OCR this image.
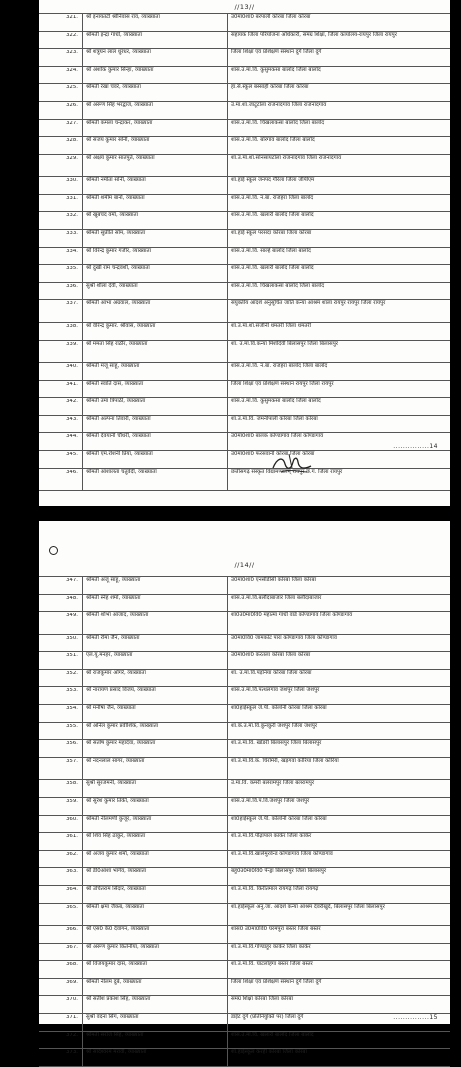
//13//
321.	श्री इनायतटी श्रीनिवास राव, व्याख्याता	उ0मा0शा0 बरपाली कोरबा जिला कोरबा
322.	श्रीमती इन्द्रा गांधी, व्याख्याता	सहायक जिला परियोजना अधिकारी, समग्र शिक्षा, जिला कार्यालय-रायपुर जिला रायपुर
323.	श्री शत्रुघन लाल धुरंधर, व्याख्याता	जिला शिक्षा एवं प्रशिक्षण संस्थान दुर्ग जिला दुर्ग
324.	श्री अशोक कुमार सिन्हा, व्याख्याता	शास.उ.मा.वि. कुसुमकसा बालोद जिला बालोद
325.	श्रीमती रेखा चंवरे, व्याख्याता	हा.से.स्कूल बस्सांही कोरबा जिला कोरबा
326.	श्री अरूण सिंह भरद्वाज, व्याख्याता	उ.मा.शा.जाटूटोला राजनांदगांव जिला राजनांदगांव
327.	श्रीमती कमला चन्द्राकर, व्याख्याता	शास.उ.मा.वि. चिखलाकसा बालोद जिला बालोद
328.	श्री संजय कुमार सोनी, व्याख्याता	शास.उ.मा.वि. बोरगांव बालोद जिला बालोद
329.	श्री अक्षय कुमार सातपुते, व्याख्याता	शा.उ.मा.शा.सोनसायटोला राजनांदगांव जिला राजनांदगांव
330.	श्रीमती नमीता सोनी, व्याख्याता	शा.हाई स्कूल जनपद गौरेला जिला जीपीएम
331.	श्रीमती शमीम बानो, व्याख्याता	शास.उ.मा.वि. न.बा. राजहरा जिला बालोद
332.	श्री खुबचंद वर्मा, व्याख्याता	शास.उ.मा.वि. खलारी बालोद जिला बालोद
333.	श्रीमती सुप्रीति सोम, व्याख्याता	शा.हाई स्कूल परसदा कोरबा जिला कोरबा
334.	श्री विरेन्द्र कुमार गंजीर, व्याख्याता	शास.उ.मा.वि. साल्हे बालोद जिला बालोद
335.	श्री दुखी राम चन्द्रवंशी, व्याख्याता	शास.उ.मा.वि. खलारी बालोद जिला बालोद
336.	सुश्री शीला देवी, व्याख्याता	शास.उ.मा.वि. चिखलाकसा बालोद जिला बालोद
337.	श्रीमती आभा अग्रवाल, व्याख्याता	संयुक्तीय आदर्श अनुसूचित जाति कन्या आश्रम शाला रायपुर रायपुर जिला रायपुर
338.	श्री वीरेन्द्र कुमार. श्रीवास, व्याख्याता	शा.उ.मा.शा.संजीनी धमतरी जिला धमतरी
339.	श्री ममता सिंह राठौर, व्याख्याता	शा. उ.मा.वि.कन्या मिशीदेवी बिलासपुर जिला बिलासपुर
340.	श्रीमती मंजू साहू, व्याख्याता	शास.उ.मा.वि. न.बा. राजहरा बालोद जिला बालोद
341.	श्रीमती स्वाति दास, व्याख्याता	जिला शिक्षा एवं प्रशिक्षण संस्थान रायपुर जिला रायपुर
342.	श्रीमती उमा त्रिपाठी, व्याख्याता	शास.उ.मा.वि. कुसुमकसा बालोद जिला बालोद
343.	श्रीमती अल्पना तिवारी, व्याख्याता	शा.उ.मा.वि. जमनीपाली कोरबा जिला कोरबा
344.	श्रीमती देवयानी चौधरी, व्याख्याता	उ0मा0शा0 बालक कोण्डागांव जिला कोण्डागांव
345.	श्रीमती एम.रोशनी प्रिया, व्याख्याता	उ0मा0शा0 फरसवानी कोरबा जिला कोरबा
346.	श्रीमती आशालता चतुर्वेदी, व्याख्याता	छत्तीसगढ़ संस्कृत विद्यामण्डलम् रायपुर छ.ग. जिला रायपुर
...............14
//14//
347.	श्रीमती अंजू साहू, व्याख्याता	उ0मा0शा0 एनसीडीसी कोरबा जिला कोरबा
348.	श्रीमती स्नेह शर्मा, व्याख्याता	शास.उ.मा.वि.बलौदाबाजार जिला बलौदाबाजार
349.	श्रीमती शोभा आजाद, व्याख्याता	शा0उ0मा0वि0 महात्मा गांधी वार्ड कोण्डागांव जिला कोण्डागांव
350.	श्रीमती रीमा जैन, व्याख्याता	उ0मा0वि0 जामकोट पारा कोण्डागांव जिला कोण्डागांव
351.	एल.यू.मनहर, व्याख्याता	उ0मा0शा0 करतला कोरबा जिला कोरबा
352.	श्री राजकुमार ओगरे, व्याख्याता	शा. उ.मा.वि.पड़निया कोरबा जिला कोरबा
353.	श्री नारायण प्रसाद विजय, व्याख्याता	शास.उ.मा.वि.पत्थलगांव जशपुर जिला जशपुर
354.	श्री मनीषा जैन, व्याख्याता	शा0हाईस्कूल जे.पी. कॉलोनी कोरबा जिला कोरबा
355.	श्री अनिल कुमार प्रवीशिक, व्याख्याता	शा.क.उ.मा.वि.कुनकुरी जशपुर जिला जशपुर
356.	श्री संतोष कुमार महादेवा, व्याख्याता	शा.उ.मा.वि. खोडरी बिलासपुर जिला बिलासपुर
357.	श्री नदनलाल सागर, व्याख्याता	शा.उ.मा.वि.क. चिरमिरी, खड़गवां कोरिया जिला कोरिया
358.	सुश्री सुरजमनी, व्याख्याता	उ.मा.वि. कमरी बलरामपुर जिला बलरामपुर
359.	श्री सुरेश कुमार तिर्की, व्याख्याता	शास.उ.मा.वि.पं.वि.जशपुर जिला जशपुर
360.	श्रीमती नीलमणी कुजूर, व्याख्याता	शा0हाईस्कूल जे.पी. कॉलोनी कोरबा जिला कोरबा
361.	श्री शिव सिंह ठाकुर, व्याख्याता	शा.उ.मा.वि.पीढ़ापाल कांकेर जिला कांकेर
362.	श्री अजय कुमार शर्मा, व्याख्याता	शा.उ.मा.वि.खालेमुरवेन्ड कोण्डागांव जिला कोण्डागांव
363.	श्री डी0आशा भार्गव, व्याख्याता	बहु0उ0मा0वि0 पेन्ड्रा बिलासपुर जिला बिलासपुर
364.	श्री उचितराम सिंदार, व्याख्याता	शा.उ.मा.वि. किरीतमाल रायगढ़ जिला रायगढ़
365.	श्रीमती क्षमा जैकब, व्याख्याता	शा.हाईस्कूल अनु.जा. आदर्श कन्या आश्रम देवरीखुर्द, बिलासपुर जिला बिलासपुर
366.	श्री एस0 के0 देवांगन, व्याख्याता	शास0 उ0मा0वि0 घरमपुरा बस्तर जिला बस्तर
367.	श्री अरूण कुमार किर्तनीया, व्याख्याता	शा.उ.मा.वि.गोण्डाहूर कांकेर जिला कांकेर
368.	श्री विजयकुमार दास, व्याख्याता	शा.उ.मा.वि. घाटलोहंगा बस्तर जिला बस्तर
369.	श्रीमती नीलम दुबे, व्याख्याता	जिला शिक्षा एवं प्रशिक्षण संस्थान दुर्ग जिला दुर्ग
370.	श्री सतीश प्रकाश सिंह, व्याख्याता	समग्र शिक्षा कोरबा जिला कोरबा
371.	सुश्री वंदना सिंग, व्याख्याता	डाईट दुर्ग (प्रतिनियुक्ति पर) जिला दुर्ग
372.	श्रीमती सरोज सिंह, व्याख्याता	शास.उ.मा.वि. खलारी बालोद जिला बालोद
373.	श्री सादेश्वरम मरावी, व्याख्याता	शा.हाईस्कूल करहीं कोरबा जिला कोरबा
...............15
